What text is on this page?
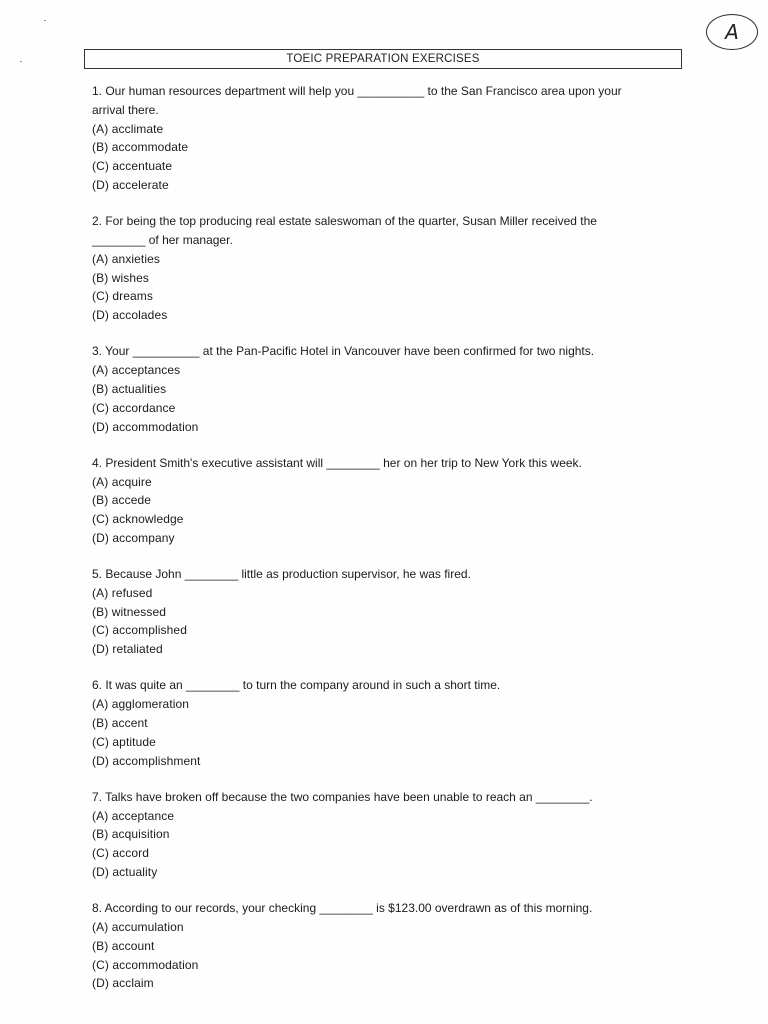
A
TOEIC PREPARATION EXERCISES

1. Our human resources department will help you __________ to the San Francisco area upon your

arrival there.

(A) acclimate

(B) accommodate

(C) accentuate

(D) accelerate

2. For being the top producing real estate saleswoman of the quarter, Susan Miller received the

________ of her manager.

(A) anxieties

(B) wishes

(C) dreams

(D) accolades

3. Your __________ at the Pan-Pacific Hotel in Vancouver have been confirmed for two nights.

(A) acceptances

(B) actualities

(C) accordance

(D) accommodation

4. President Smith's executive assistant will ________ her on her trip to New York this week.

(A) acquire

(B) accede

(C) acknowledge

(D) accompany

5. Because John ________ little as production supervisor, he was fired.

(A) refused

(B) witnessed

(C) accomplished

(D) retaliated

6. It was quite an ________ to turn the company around in such a short time.

(A) agglomeration

(B) accent

(C) aptitude

(D) accomplishment

7. Talks have broken off because the two companies have been unable to reach an ________.

(A) acceptance

(B) acquisition

(C) accord

(D) actuality

8. According to our records, your checking ________ is $123.00 overdrawn as of this morning.

(A) accumulation

(B) account

(C) accommodation

(D) acclaim
